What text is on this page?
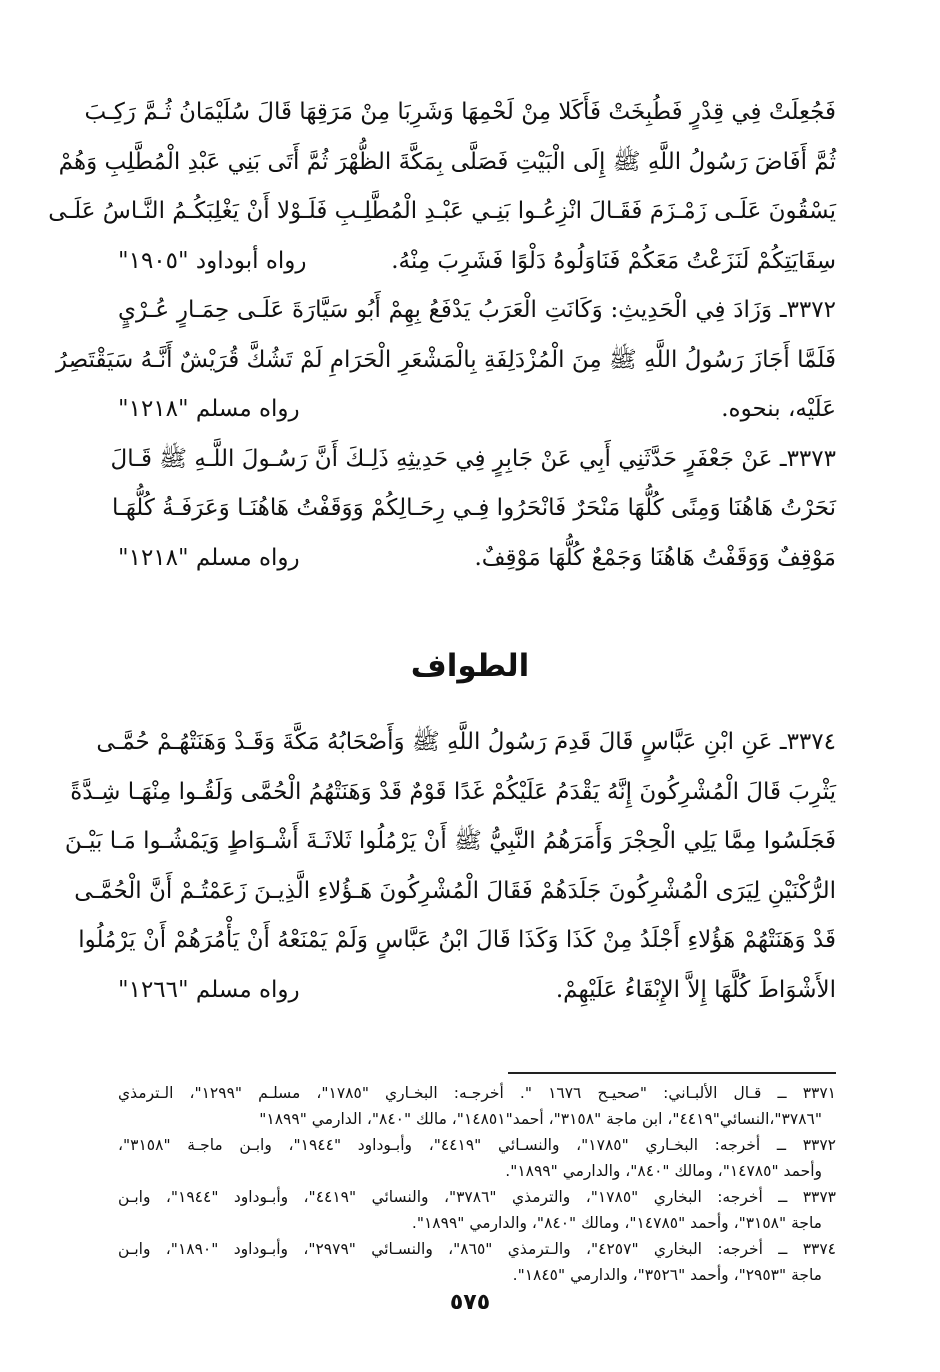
فَجُعِلَتْ فِي قِدْرٍ فَطُبِخَتْ فَأَكَلا مِنْ لَحْمِهَا وَشَرِبَا مِنْ مَرَقِهَا قَالَ سُلَيْمَانُ ثُـمَّ رَكِـبَ
ثُمَّ أَفَاضَ رَسُولُ اللَّهِ ﷺ إِلَى الْبَيْتِ فَصَلَّى بِمَكَّةَ الظُّهْرَ ثُمَّ أَتَى بَنِي عَبْدِ الْمُطَّلِبِ وَهُمْ
يَسْقُونَ عَلَـى زَمْـزَمَ فَقَـالَ انْزِعُـوا بَنِـي عَبْـدِ الْمُطَّلِـبِ فَلَـوْلا أَنْ يَغْلِبَكُـمُ النَّـاسُ عَلَـى
سِقَايَتِكُمْ لَنَزَعْتُ مَعَكُمْ فَنَاوَلُوهُ دَلْوًا فَشَرِبَ مِنْهُ.
رواه أبوداود "١٩٠٥"
٣٣٧٢ـ وَزَادَ فِي الْحَدِيثِ: وَكَانَتِ الْعَرَبُ يَدْفَعُ بِهِمْ أَبُو سَيَّارَةَ عَلَـى حِمَـارٍ عُـرْيٍ
فَلَمَّا أَجَازَ رَسُولُ اللَّهِ ﷺ مِنَ الْمُزْدَلِفَةِ بِالْمَشْعَرِ الْحَرَامِ لَمْ تَشُكَّ قُرَيْشٌ أَنَّـهُ سَيَقْتَصِرُ
عَلَيْه، بنحوه.
رواه مسلم "١٢١٨"
٣٣٧٣ـ عَنْ جَعْفَرٍ حَدَّثَنِي أَبِي عَنْ جَابِرٍ فِي حَدِيثِهِ ذَلِـكَ أَنَّ رَسُـولَ اللَّـهِ ﷺ قَـالَ
نَحَرْتُ هَاهُنَا وَمِنًى كُلُّهَا مَنْحَرٌ فَانْحَرُوا فِـي رِحَـالِكُمْ وَوَقَفْتُ هَاهُنَـا وَعَرَفَـةُ كُلُّهَـا
مَوْقِفٌ وَوَقَفْتُ هَاهُنَا وَجَمْعٌ كُلُّهَا مَوْقِفٌ.
رواه مسلم "١٢١٨"
الطواف
٣٣٧٤ـ عَنِ ابْنِ عَبَّاسٍ قَالَ قَدِمَ رَسُولُ اللَّهِ ﷺ وَأَصْحَابُهُ مَكَّةَ وَقَـدْ وَهَنَتْهُـمْ حُمَّـى
يَثْرِبَ قَالَ الْمُشْرِكُونَ إِنَّهُ يَقْدَمُ عَلَيْكُمْ غَدًا قَوْمٌ قَدْ وَهَنَتْهُمُ الْحُمَّى وَلَقُـوا مِنْهَـا شِـدَّةً
فَجَلَسُوا مِمَّا يَلِي الْحِجْرَ وَأَمَرَهُمُ النَّبِيُّ ﷺ أَنْ يَرْمُلُوا ثَلاثَـةَ أَشْـوَاطٍ وَيَمْشُـوا مَـا بَيْـنَ
الرُّكْنَيْنِ لِيَرَى الْمُشْرِكُونَ جَلَدَهُمْ فَقَالَ الْمُشْرِكُونَ هَـؤُلاءِ الَّذِيـنَ زَعَمْتُـمْ أَنَّ الْحُمَّـى
قَدْ وَهَنَتْهُمْ هَؤُلاءِ أَجْلَدُ مِنْ كَذَا وَكَذَا قَالَ ابْنُ عَبَّاسٍ وَلَمْ يَمْنَعْهُ أَنْ يَأْمُرَهُمْ أَنْ يَرْمُلُوا
الأَشْوَاطَ كُلَّهَا إِلاَّ الإِبْقَاءُ عَلَيْهِمْ.
رواه مسلم "١٢٦٦"
٣٣٧١ ــ قـال الألبـاني: "صحيـح ١٦٧٦ ". أخرجـه: البخـاري "١٧٨٥"، مسلـم "١٢٩٩"، الـترمذي
"٣٧٨٦"،النسائي"٤٤١٩"، ابن ماجة "٣١٥٨"، أحمد"١٤٨٥١"، مالك "٨٤٠"، الدارمي "١٨٩٩"
٣٣٧٢ ــ أخرجه: البخـاري "١٧٨٥"، والنسـائي "٤٤١٩"، وأبـوداود "١٩٤٤"، وابـن ماجـة "٣١٥٨"،
وأحمد "١٤٧٨٥"، ومالك "٨٤٠"، والدارمي "١٨٩٩".
٣٣٧٣ ــ أخرجه: البخاري "١٧٨٥"، والترمذي "٣٧٨٦"، والنسائي "٤٤١٩"، وأبـوداود "١٩٤٤"، وابـن
ماجة "٣١٥٨"، وأحمد "١٤٧٨٥"، ومالك "٨٤٠"، والدارمي "١٨٩٩".
٣٣٧٤ ــ أخرجه: البخاري "٤٢٥٧"، والـترمذي "٨٦٥"، والنسـائي "٢٩٧٩"، وأبـوداود "١٨٩٠"، وابـن
ماجة "٢٩٥٣"، وأحمد "٣٥٢٦"، والدارمي "١٨٤٥".
٥٧٥
